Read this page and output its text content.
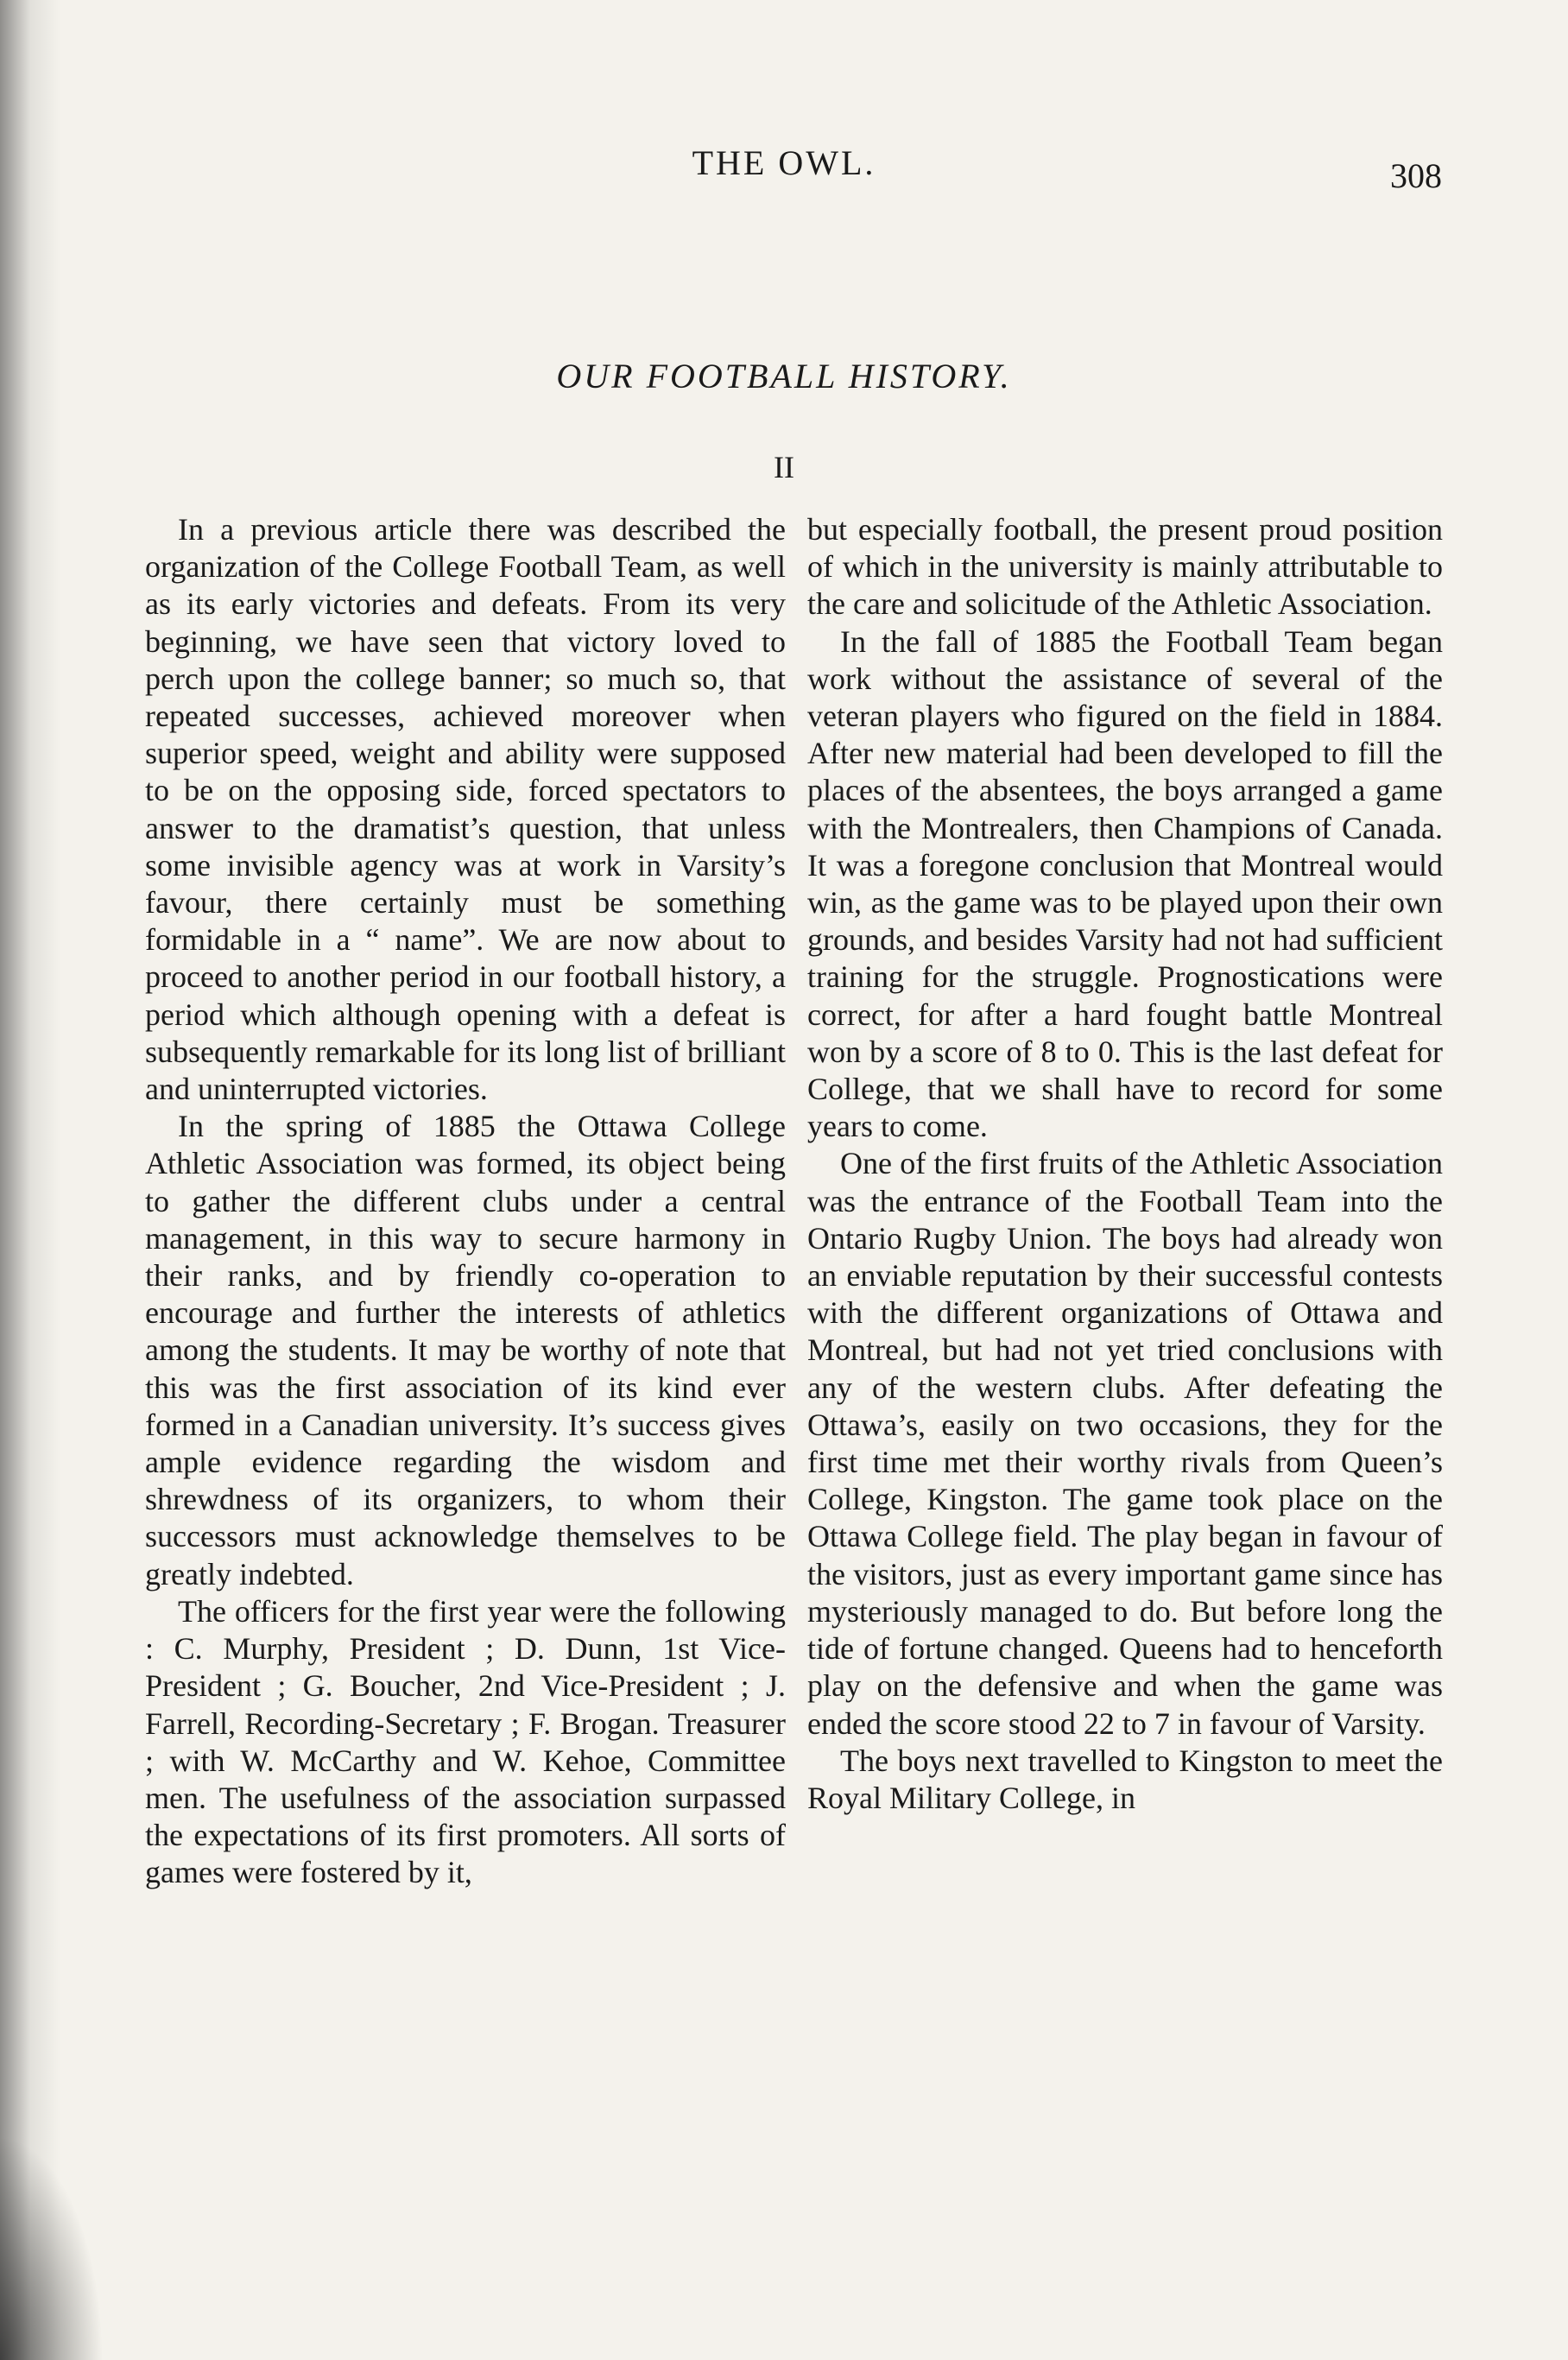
THE OWL.	308
OUR FOOTBALL HISTORY.
II

In a previous article there was described the organization of the College Football Team, as well as its early victories and defeats. From its very beginning, we have seen that victory loved to perch upon the college banner; so much so, that repeated successes, achieved moreover when superior speed, weight and ability were supposed to be on the opposing side, forced spectators to answer to the dramatist’s question, that unless some invisible agency was at work in Varsity’s favour, there certainly must be something formidable in a “ name”. We are now about to proceed to another period in our football history, a period which although opening with a defeat is subsequently remarkable for its long list of brilliant and uninterrupted victories.

In the spring of 1885 the Ottawa College Athletic Association was formed, its object being to gather the different clubs under a central management, in this way to secure harmony in their ranks, and by friendly co-operation to encourage and further the interests of athletics among the students. It may be worthy of note that this was the first association of its kind ever formed in a Canadian university. It’s success gives ample evidence regarding the wisdom and shrewdness of its organizers, to whom their successors must acknowledge themselves to be greatly indebted.

The officers for the first year were the following : C. Murphy, President ; D. Dunn, 1st Vice-President ; G. Boucher, 2nd Vice-President ; J. Farrell, Recording-Secretary ; F. Brogan. Treasurer ; with W. McCarthy and W. Kehoe, Committee men. The usefulness of the association surpassed the expectations of its first promoters. All sorts of games were fostered by it,

but especially football, the present proud position of which in the university is mainly attributable to the care and solicitude of the Athletic Association.

In the fall of 1885 the Football Team began work without the assistance of several of the veteran players who figured on the field in 1884. After new material had been developed to fill the places of the absentees, the boys arranged a game with the Montrealers, then Champions of Canada. It was a foregone conclusion that Montreal would win, as the game was to be played upon their own grounds, and besides Varsity had not had sufficient training for the struggle. Prognostications were correct, for after a hard fought battle Montreal won by a score of 8 to 0. This is the last defeat for College, that we shall have to record for some years to come.

One of the first fruits of the Athletic Association was the entrance of the Football Team into the Ontario Rugby Union. The boys had already won an enviable reputation by their successful contests with the different organizations of Ottawa and Montreal, but had not yet tried conclusions with any of the western clubs. After defeating the Ottawa’s, easily on two occasions, they for the first time met their worthy rivals from Queen’s College, Kingston. The game took place on the Ottawa College field. The play began in favour of the visitors, just as every important game since has mysteriously managed to do. But before long the tide of fortune changed. Queens had to henceforth play on the defensive and when the game was ended the score stood 22 to 7 in favour of Varsity.

The boys next travelled to Kingston to meet the Royal Military College, in
